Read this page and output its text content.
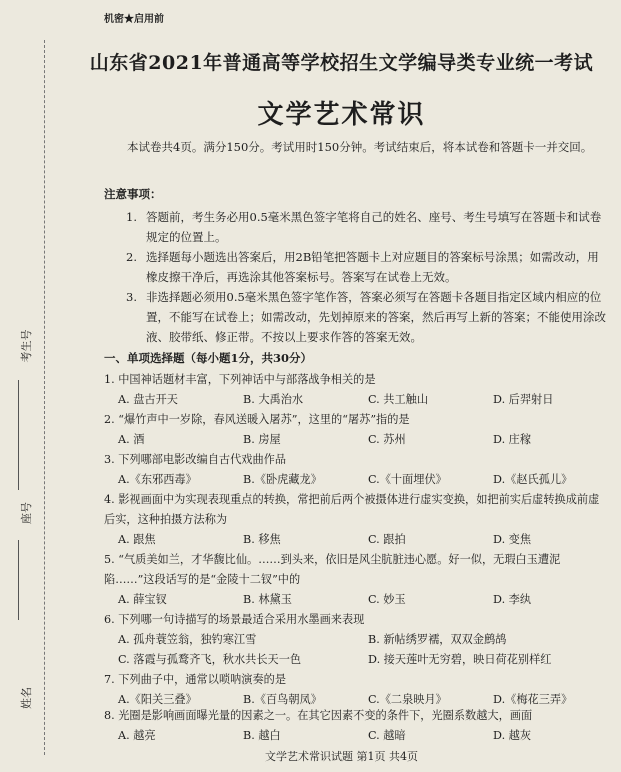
考生号
座号
姓名
机密★启用前
山东省2021年普通高等学校招生文学编导类专业统一考试
文学艺术常识
本试卷共4页。满分150分。考试用时150分钟。考试结束后，将本试卷和答题卡一并交回。
注意事项：
1. 答题前，考生务必用0.5毫米黑色签字笔将自己的姓名、座号、考生号填写在答题卡和试卷规定的位置上。
2. 选择题每小题选出答案后，用2B铅笔把答题卡上对应题目的答案标号涂黑；如需改动，用橡皮擦干净后，再选涂其他答案标号。答案写在试卷上无效。
3. 非选择题必须用0.5毫米黑色签字笔作答，答案必须写在答题卡各题目指定区域内相应的位置，不能写在试卷上；如需改动，先划掉原来的答案，然后再写上新的答案；不能使用涂改液、胶带纸、修正带。不按以上要求作答的答案无效。
一、单项选择题（每小题1分，共30分）
1. 中国神话题材丰富，下列神话中与部落战争相关的是
A. 盘古开天	B. 大禹治水	C. 共工触山	D. 后羿射日
2. “爆竹声中一岁除，春风送暖入屠苏”，这里的“屠苏”指的是
A. 酒	B. 房屋	C. 苏州	D. 庄稼
3. 下列哪部电影改编自古代戏曲作品
A.《东邪西毒》	B.《卧虎藏龙》	C.《十面埋伏》	D.《赵氏孤儿》
4. 影视画面中为实现表现重点的转换，常把前后两个被摄体进行虚实变换，如把前实后虚转换成前虚后实，这种拍摄方法称为
A. 跟焦	B. 移焦	C. 跟拍	D. 变焦
5. “气质美如兰，才华馥比仙。……到头来，依旧是风尘肮脏违心愿。好一似，无瑕白玉遭泥陷……”这段话写的是“金陵十二钗”中的
A. 薛宝钗	B. 林黛玉	C. 妙玉	D. 李纨
6. 下列哪一句诗描写的场景最适合采用水墨画来表现
A. 孤舟蓑笠翁，独钓寒江雪	B. 新帖绣罗襦，双双金鹧鸪
C. 落霞与孤鹜齐飞，秋水共长天一色	D. 接天莲叶无穷碧，映日荷花别样红
7. 下列曲子中，通常以唢呐演奏的是
A.《阳关三叠》	B.《百鸟朝凤》	C.《二泉映月》	D.《梅花三弄》
8. 光圈是影响画面曝光量的因素之一。在其它因素不变的条件下，光圈系数越大，画面
A. 越亮	B. 越白	C. 越暗	D. 越灰
文学艺术常识试题 第1页 共4页
